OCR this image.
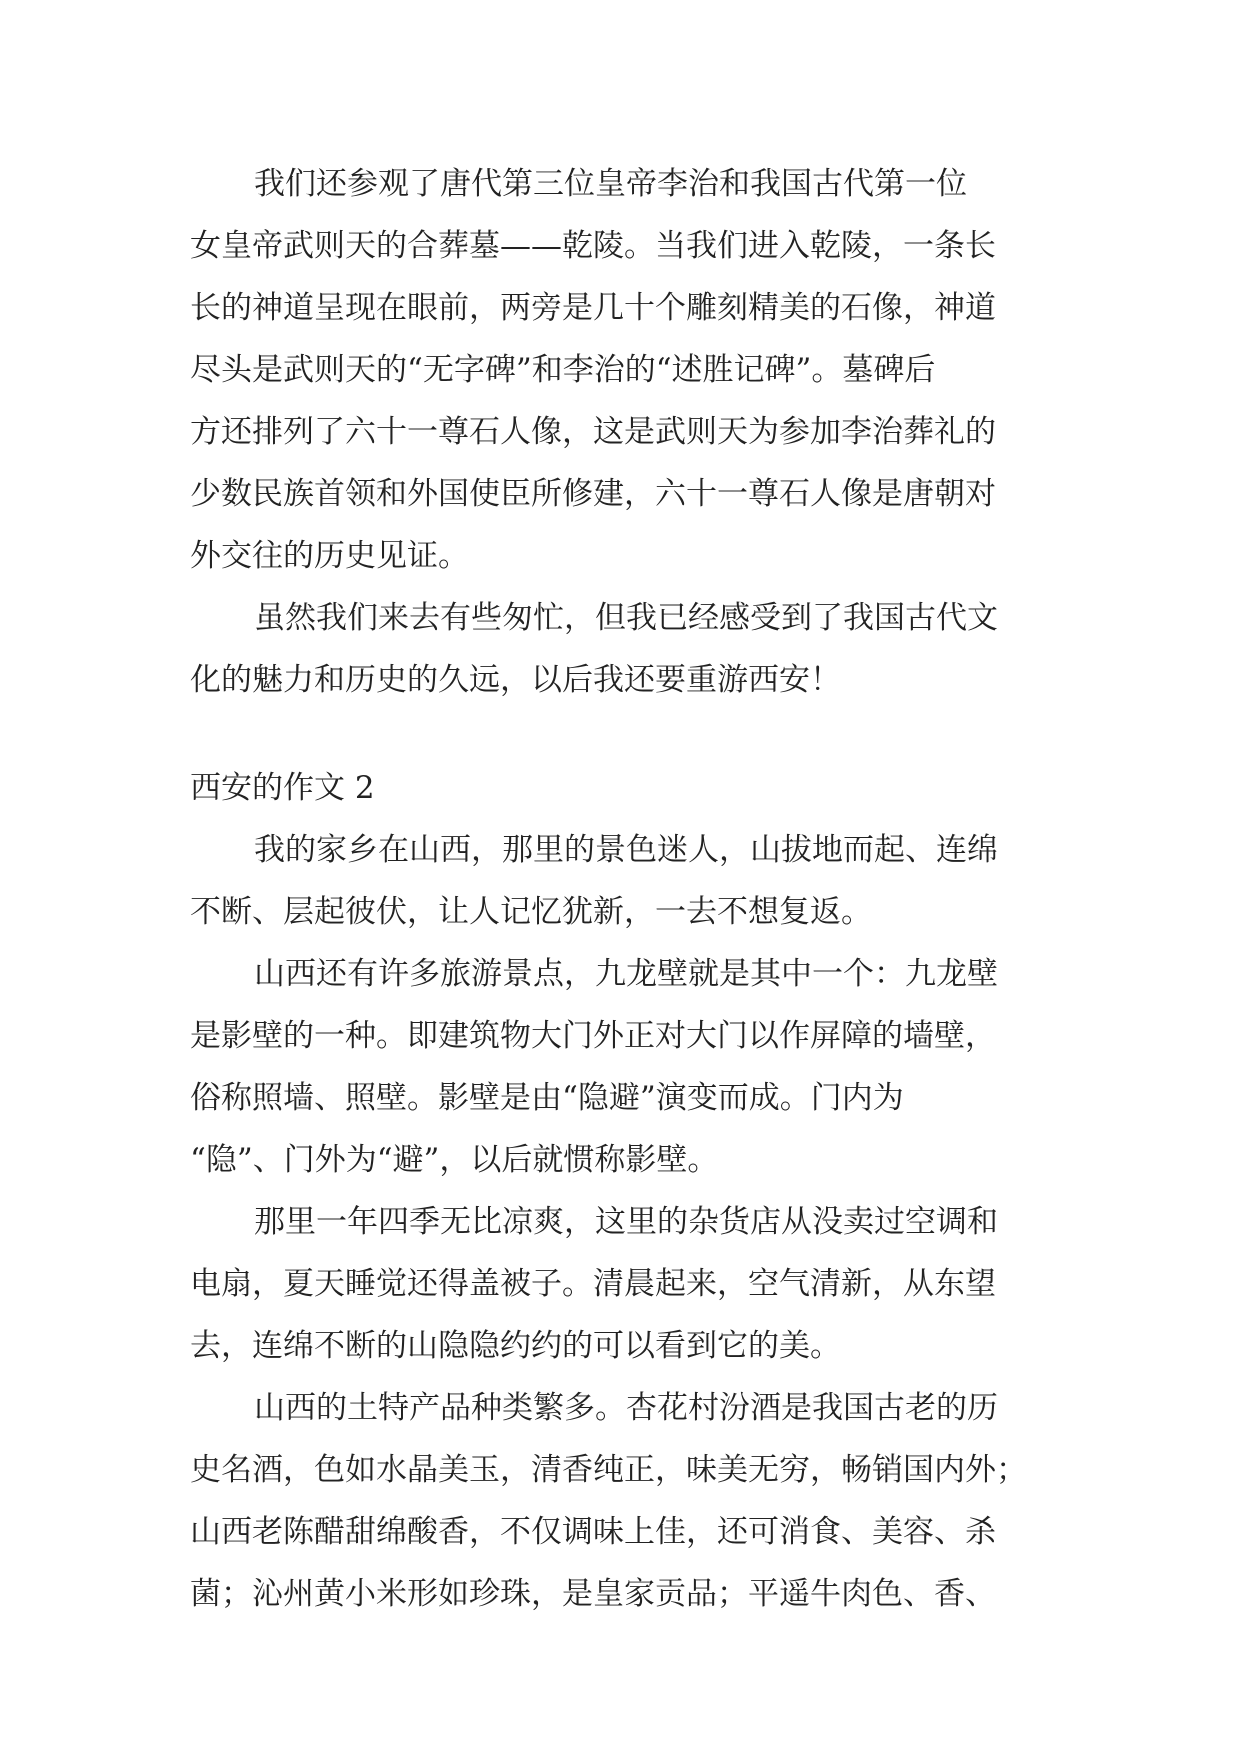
我们还参观了唐代第三位皇帝李治和我国古代第一位
女皇帝武则天的合葬墓——乾陵。当我们进入乾陵，一条长
长的神道呈现在眼前，两旁是几十个雕刻精美的石像，神道
尽头是武则天的“无字碑”和李治的“述胜记碑”。墓碑后
方还排列了六十一尊石人像，这是武则天为参加李治葬礼的
少数民族首领和外国使臣所修建，六十一尊石人像是唐朝对
外交往的历史见证。
虽然我们来去有些匆忙，但我已经感受到了我国古代文
化的魅力和历史的久远，以后我还要重游西安！
西安的作文 2
我的家乡在山西，那里的景色迷人，山拔地而起、连绵
不断、层起彼伏，让人记忆犹新，一去不想复返。
山西还有许多旅游景点，九龙壁就是其中一个：九龙壁
是影壁的一种。即建筑物大门外正对大门以作屏障的墙壁，
俗称照墙、照壁。影壁是由“隐避”演变而成。门内为
“隐”、门外为“避”，以后就惯称影壁。
那里一年四季无比凉爽，这里的杂货店从没卖过空调和
电扇，夏天睡觉还得盖被子。清晨起来，空气清新，从东望
去，连绵不断的山隐隐约约的可以看到它的美。
山西的土特产品种类繁多。杏花村汾酒是我国古老的历
史名酒，色如水晶美玉，清香纯正，味美无穷，畅销国内外；
山西老陈醋甜绵酸香，不仅调味上佳，还可消食、美容、杀
菌；沁州黄小米形如珍珠，是皇家贡品；平遥牛肉色、香、
